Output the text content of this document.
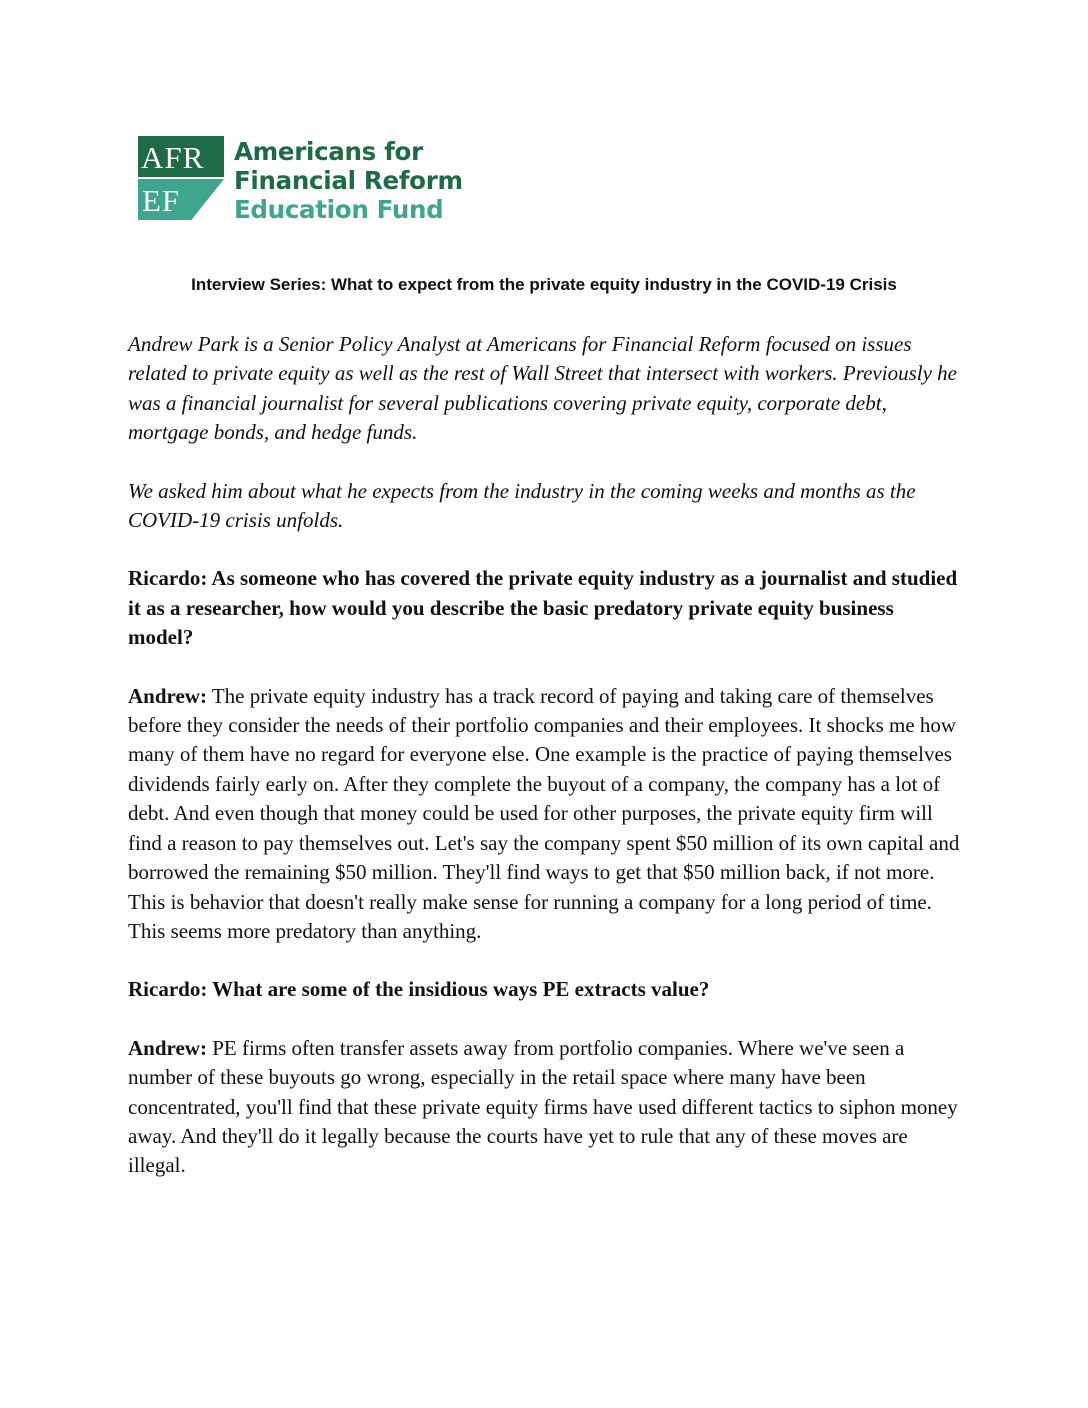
AFR
EF
Americans for
Financial Reform
Education Fund
Interview Series: What to expect from the private equity industry in the COVID-19 Crisis

Andrew Park is a Senior Policy Analyst at Americans for Financial Reform focused on issues related to private equity as well as the rest of Wall Street that intersect with workers. Previously he was a financial journalist for several publications covering private equity, corporate debt, mortgage bonds, and hedge funds.

We asked him about what he expects from the industry in the coming weeks and months as the COVID-19 crisis unfolds.

Ricardo: As someone who has covered the private equity industry as a journalist and studied it as a researcher, how would you describe the basic predatory private equity business model?

Andrew: The private equity industry has a track record of paying and taking care of themselves before they consider the needs of their portfolio companies and their employees. It shocks me how many of them have no regard for everyone else. One example is the practice of paying themselves dividends fairly early on. After they complete the buyout of a company, the company has a lot of debt. And even though that money could be used for other purposes, the private equity firm will find a reason to pay themselves out. Let's say the company spent $50 million of its own capital and borrowed the remaining $50 million. They'll find ways to get that $50 million back, if not more. This is behavior that doesn't really make sense for running a company for a long period of time. This seems more predatory than anything.

Ricardo: What are some of the insidious ways PE extracts value?

Andrew: PE firms often transfer assets away from portfolio companies. Where we've seen a number of these buyouts go wrong, especially in the retail space where many have been concentrated, you'll find that these private equity firms have used different tactics to siphon money away. And they'll do it legally because the courts have yet to rule that any of these moves are illegal.
